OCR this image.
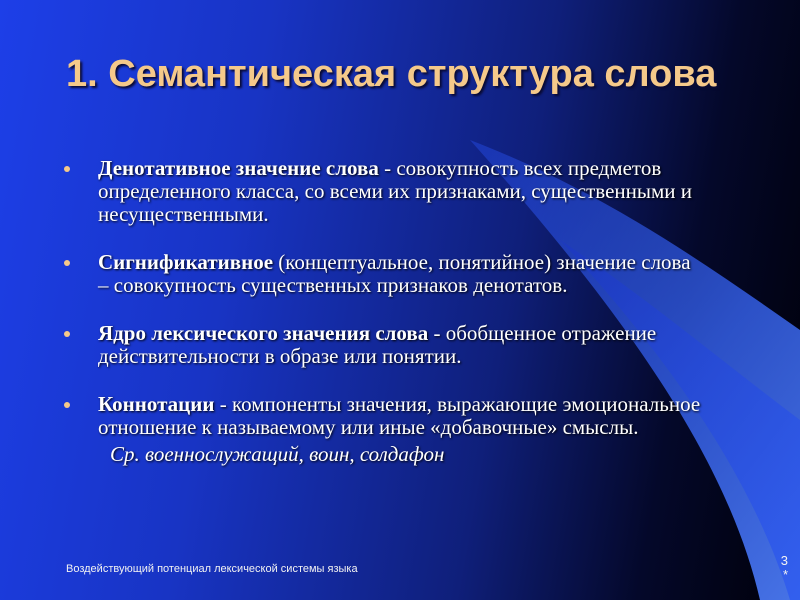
1. Семантическая структура слова
Денотативное значение слова - совокупность всех предметов определенного класса, со всеми их признаками, существенными и несущественными.
Сигнификативное (концептуальное, понятийное) значение слова – совокупность существенных признаков денотатов.
Ядро лексического значения слова - обобщенное отражение действительности в образе или понятии.
Коннотации - компоненты значения, выражающие эмоциональное отношение к называемому или иные «добавочные» смыслы.
Ср. военнослужащий, воин, солдафон
Воздействующий потенциал лексической системы языка
3
*
